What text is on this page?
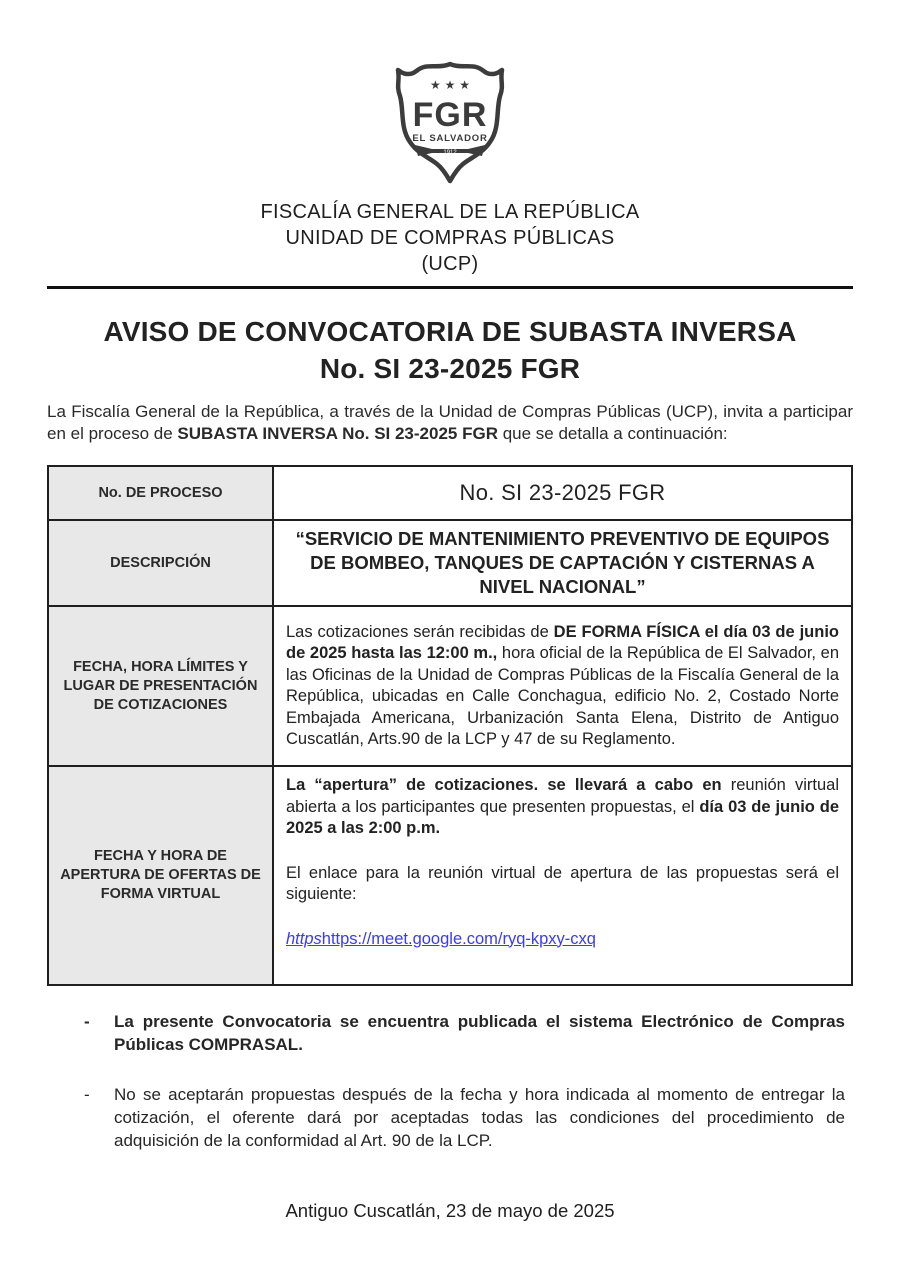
★ ★ ★
FGR
EL SALVADOR
1912
FISCALÍA GENERAL DE LA REPÚBLICA
UNIDAD DE COMPRAS PÚBLICAS
(UCP)
AVISO DE CONVOCATORIA DE SUBASTA INVERSA
No. SI 23-2025 FGR

La Fiscalía General de la República, a través de la Unidad de Compras Públicas (UCP), invita a participar en el proceso de SUBASTA INVERSA No. SI 23-2025 FGR que se detalla a continuación:

No. DE PROCESO	No. SI 23-2025 FGR
DESCRIPCIÓN	“SERVICIO DE MANTENIMIENTO PREVENTIVO DE EQUIPOS DE BOMBEO, TANQUES DE CAPTACIÓN Y CISTERNAS A NIVEL NACIONAL”
FECHA, HORA LÍMITES Y LUGAR DE PRESENTACIÓN DE COTIZACIONES	Las cotizaciones serán recibidas de DE FORMA FÍSICA el día 03 de junio de 2025 hasta las 12:00 m., hora oficial de la República de El Salvador, en las Oficinas de la Unidad de Compras Públicas de la Fiscalía General de la República, ubicadas en Calle Conchagua, edificio No. 2, Costado Norte Embajada Americana, Urbanización Santa Elena, Distrito de Antiguo Cuscatlán, Arts.90 de la LCP y 47 de su Reglamento.
FECHA Y HORA DE APERTURA DE OFERTAS DE FORMA VIRTUAL	La “apertura” de cotizaciones. se llevará a cabo en reunión virtual abierta a los participantes que presenten propuestas, el día 03 de junio de 2025 a las 2:00 p.m.

El enlace para la reunión virtual de apertura de las propuestas será el siguiente:

httpshttps://meet.google.com/ryq-kpxy-cxq

-	La presente Convocatoria se encuentra publicada el sistema Electrónico de Compras Públicas COMPRASAL.
-	No se aceptarán propuestas después de la fecha y hora indicada al momento de entregar la cotización, el oferente dará por aceptadas todas las condiciones del procedimiento de adquisición de la conformidad al Art. 90 de la LCP.
Antiguo Cuscatlán, 23 de mayo de 2025
